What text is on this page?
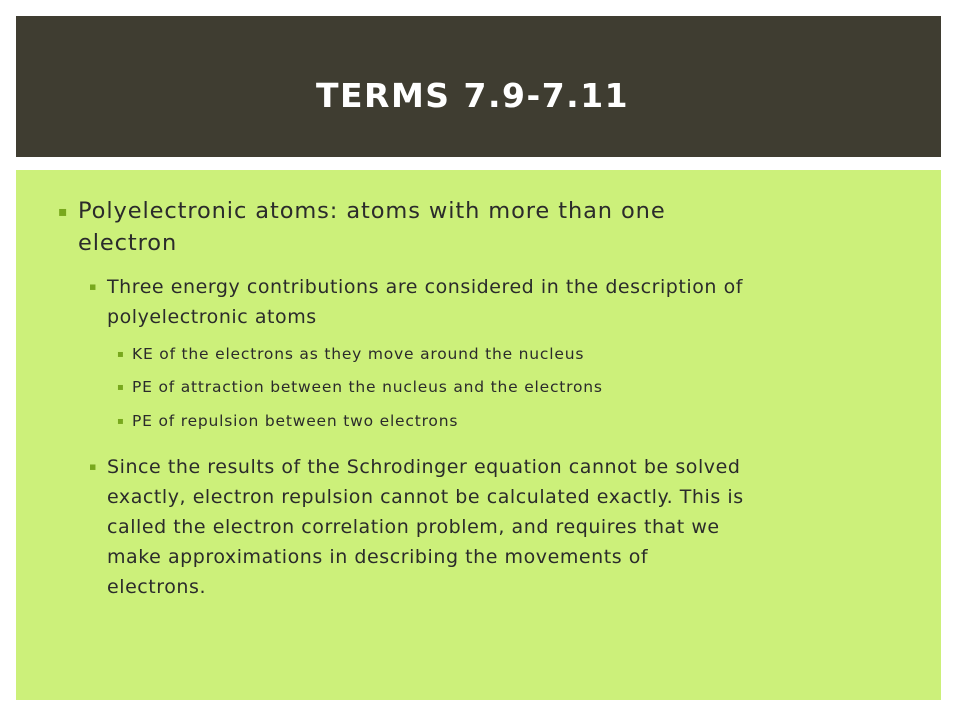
TERMS 7.9-7.11
▪ Polyelectronic atoms: atoms with more than one
electron
▪ Three energy contributions are considered in the description of
polyelectronic atoms
▪ KE of the electrons as they move around the nucleus
▪ PE of attraction between the nucleus and the electrons
▪ PE of repulsion between two electrons
▪ Since the results of the Schrodinger equation cannot be solved
exactly, electron repulsion cannot be calculated exactly. This is
called the electron correlation problem, and requires that we
make approximations in describing the movements of
electrons.
